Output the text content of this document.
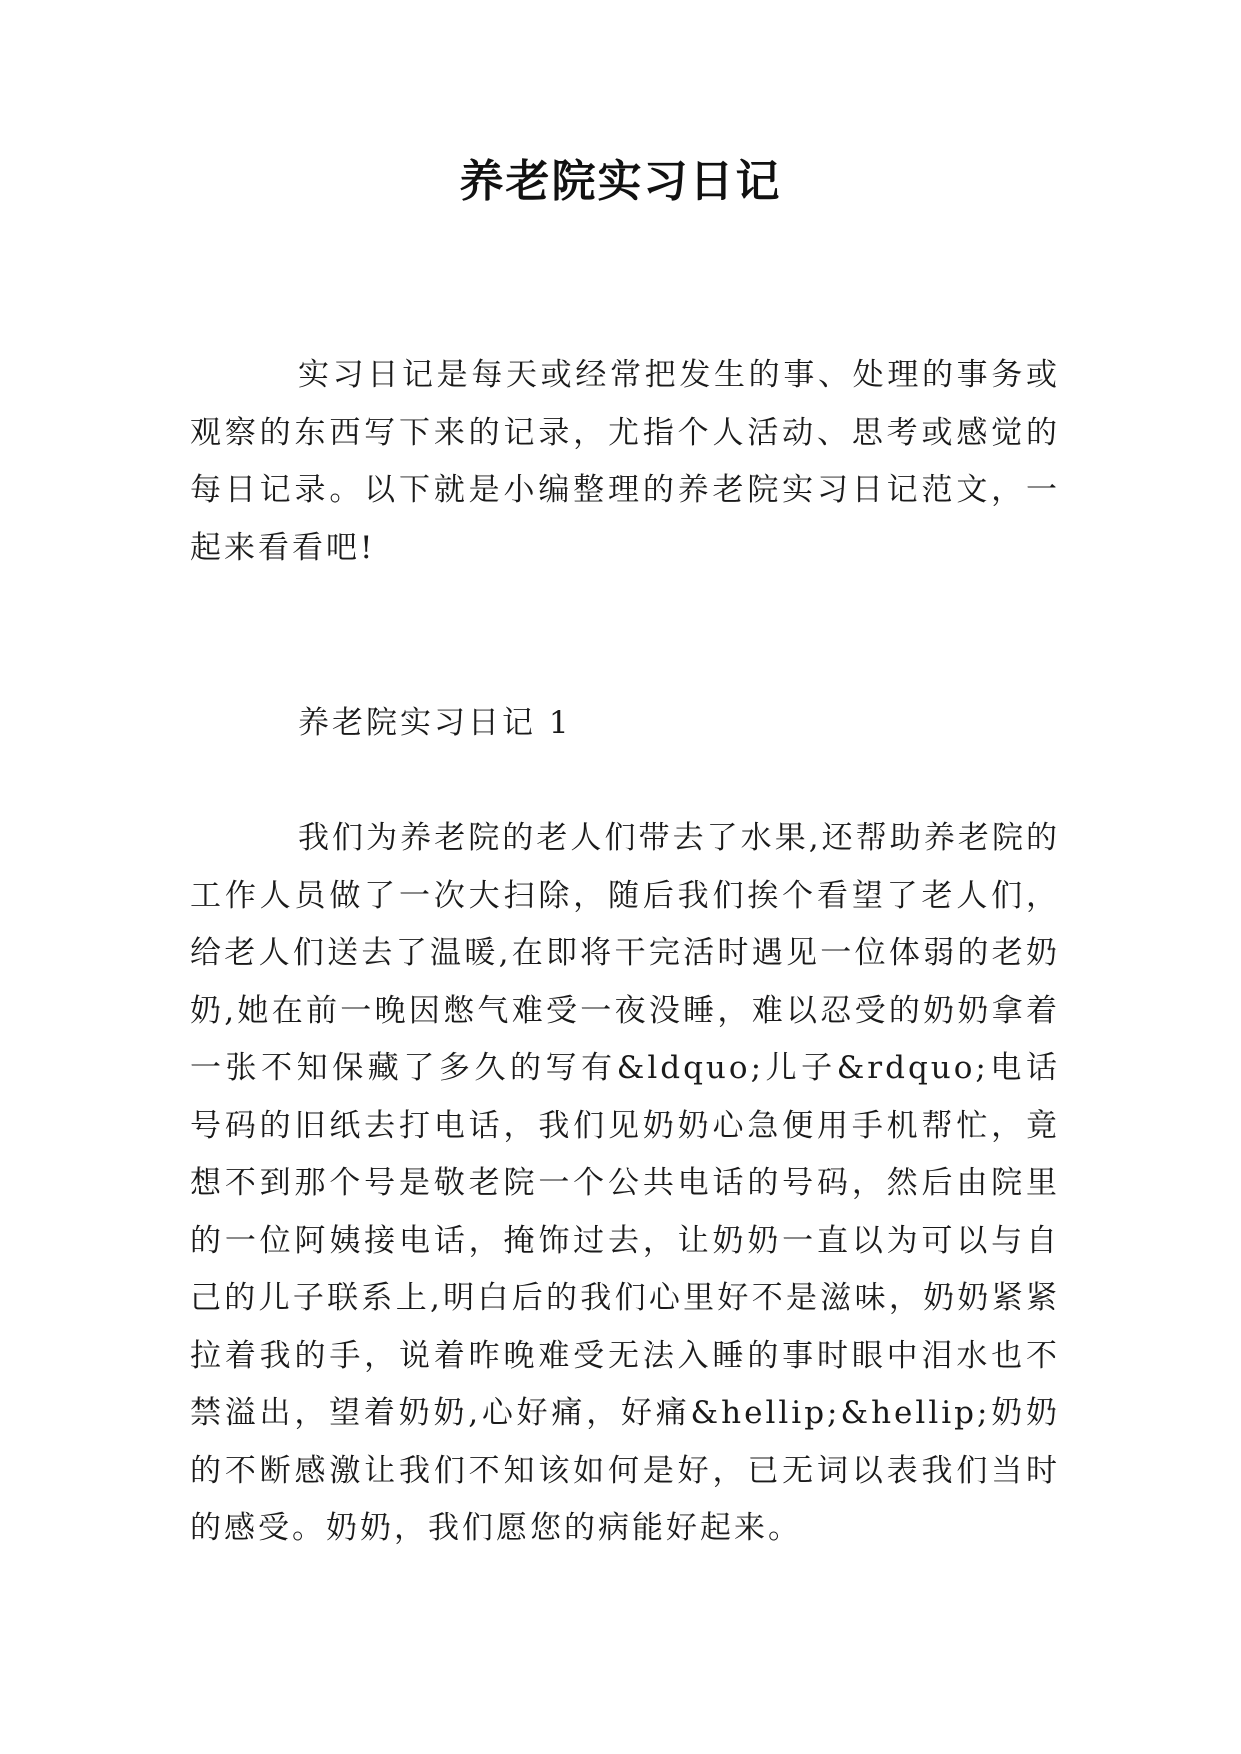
养老院实习日记
实习日记是每天或经常把发生的事、处理的事务或观察的东西写下来的记录，尤指个人活动、思考或感觉的每日记录。以下就是小编整理的养老院实习日记范文，一起来看看吧!
养老院实习日记 1
我们为养老院的老人们带去了水果,还帮助养老院的工作人员做了一次大扫除，随后我们挨个看望了老人们，给老人们送去了温暖,在即将干完活时遇见一位体弱的老奶奶,她在前一晚因憋气难受一夜没睡，难以忍受的奶奶拿着一张不知保藏了多久的写有&ldquo;儿子&rdquo;电话号码的旧纸去打电话，我们见奶奶心急便用手机帮忙，竟想不到那个号是敬老院一个公共电话的号码，然后由院里的一位阿姨接电话，掩饰过去，让奶奶一直以为可以与自己的儿子联系上,明白后的我们心里好不是滋味，奶奶紧紧拉着我的手，说着昨晚难受无法入睡的事时眼中泪水也不禁溢出，望着奶奶,心好痛，好痛&hellip;&hellip;奶奶的不断感激让我们不知该如何是好，已无词以表我们当时的感受。奶奶，我们愿您的病能好起来。
